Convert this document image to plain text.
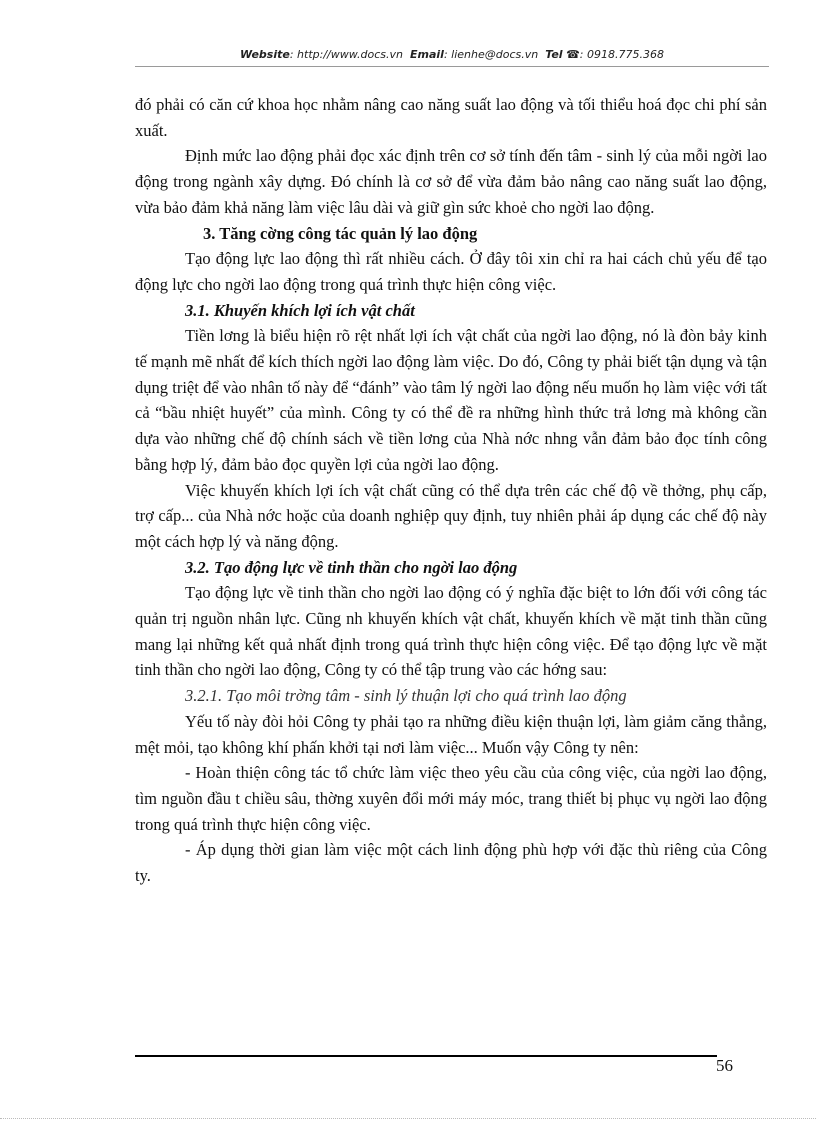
Website: http://www.docs.vn Email: lienhe@docs.vn Tel ☎: 0918.775.368

đó phải có căn cứ khoa học nhằm nâng cao năng suất lao động và tối thiểu hoá đọc chi phí sản xuất.

Định mức lao động phải đọc xác định trên cơ sở tính đến tâm - sinh lý của mỗi ngời lao động trong ngành xây dựng. Đó chính là cơ sở để vừa đảm bảo nâng cao năng suất lao động, vừa bảo đảm khả năng làm việc lâu dài và giữ gìn sức khoẻ cho ngời lao động.

3. Tăng cờng công tác quản lý lao động

Tạo động lực lao động thì rất nhiều cách. Ở đây tôi xin chỉ ra hai cách chủ yếu để tạo động lực cho ngời lao động trong quá trình thực hiện công việc.

3.1. Khuyến khích lợi ích vật chất

Tiền lơng là biểu hiện rõ rệt nhất lợi ích vật chất của ngời lao động, nó là đòn bảy kinh tế mạnh mẽ nhất để kích thích ngời lao động làm việc. Do đó, Công ty phải biết tận dụng và tận dụng triệt để vào nhân tố này để “đánh” vào tâm lý ngời lao động nếu muốn họ làm việc với tất cả “bầu nhiệt huyết” của mình. Công ty có thể đề ra những hình thức trả lơng mà không cần dựa vào những chế độ chính sách về tiền lơng của Nhà nớc nhng vẫn đảm bảo đọc tính công bằng hợp lý, đảm bảo đọc quyền lợi của ngời lao động.

Việc khuyến khích lợi ích vật chất cũng có thể dựa trên các chế độ về thởng, phụ cấp, trợ cấp... của Nhà nớc hoặc của doanh nghiệp quy định, tuy nhiên phải áp dụng các chế độ này một cách hợp lý và năng động.

3.2. Tạo động lực về tinh thần cho ngời lao động

Tạo động lực về tinh thần cho ngời lao động có ý nghĩa đặc biệt to lớn đối với công tác quản trị nguồn nhân lực. Cũng nh khuyến khích vật chất, khuyến khích về mặt tinh thần cũng mang lại những kết quả nhất định trong quá trình thực hiện công việc. Để tạo động lực về mặt tinh thần cho ngời lao động, Công ty có thể tập trung vào các hớng sau:

3.2.1. Tạo môi trờng tâm - sinh lý thuận lợi cho quá trình lao động

Yếu tố này đòi hỏi Công ty phải tạo ra những điều kiện thuận lợi, làm giảm căng thẳng, mệt mỏi, tạo không khí phấn khởi tại nơi làm việc... Muốn vậy Công ty nên:

- Hoàn thiện công tác tổ chức làm việc theo yêu cầu của công việc, của ngời lao động, tìm nguồn đầu t chiều sâu, thờng xuyên đổi mới máy móc, trang thiết bị phục vụ ngời lao động trong quá trình thực hiện công việc.

- Áp dụng thời gian làm việc một cách linh động phù hợp với đặc thù riêng của Công ty.

56
